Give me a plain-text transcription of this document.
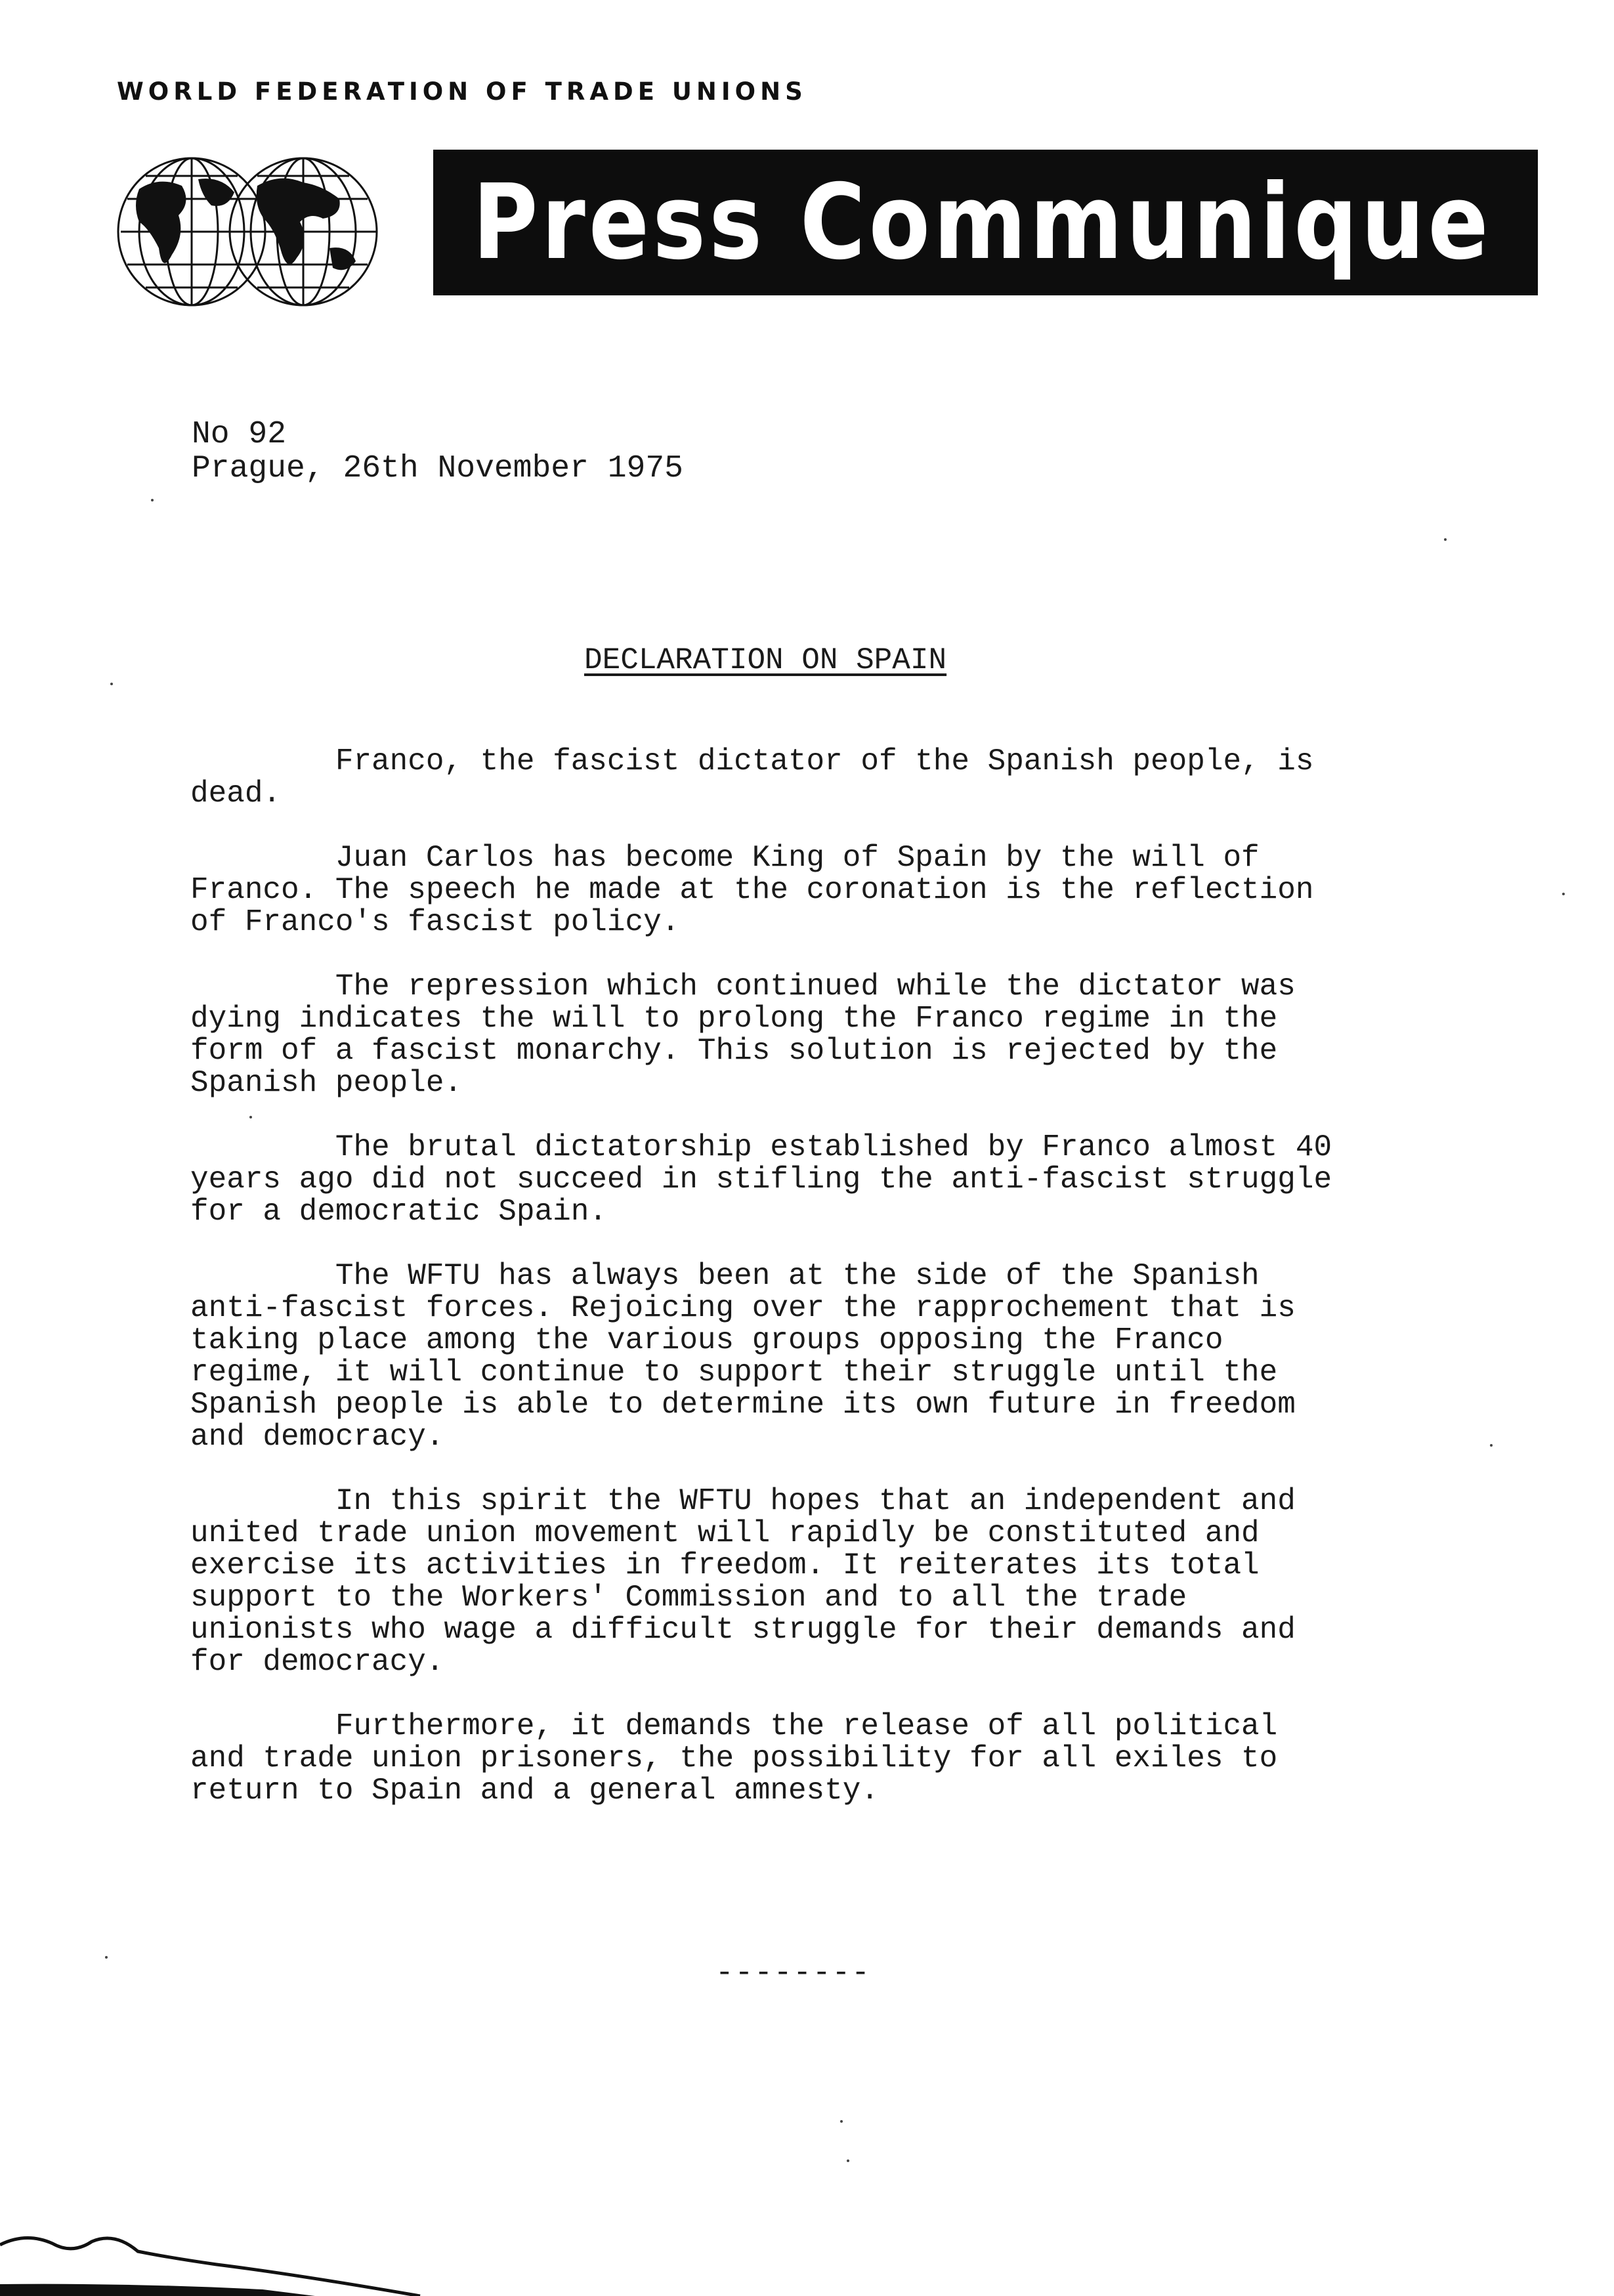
WORLD FEDERATION OF TRADE UNIONS
Press Communique
No 92
Prague, 26th November 1975
DECLARATION ON SPAIN
Franco, the fascist dictator of the Spanish people, is
dead.
Juan Carlos has become King of Spain by the will of
Franco. The speech he made at the coronation is the reflection
of Franco's fascist policy.
The repression which continued while the dictator was
dying indicates the will to prolong the Franco regime in the
form of a fascist monarchy. This solution is rejected by the
Spanish people.
The brutal dictatorship established by Franco almost 40
years ago did not succeed in stifling the anti-fascist struggle
for a democratic Spain.
The WFTU has always been at the side of the Spanish
anti-fascist forces. Rejoicing over the rapprochement that is
taking place among the various groups opposing the Franco
regime, it will continue to support their struggle until the
Spanish people is able to determine its own future in freedom
and democracy.
In this spirit the WFTU hopes that an independent and
united trade union movement will rapidly be constituted and
exercise its activities in freedom. It reiterates its total
support to the Workers' Commission and to all the trade
unionists who wage a difficult struggle for their demands and
for democracy.
Furthermore, it demands the release of all political
and trade union prisoners, the possibility for all exiles to
return to Spain and a general amnesty.
--------
